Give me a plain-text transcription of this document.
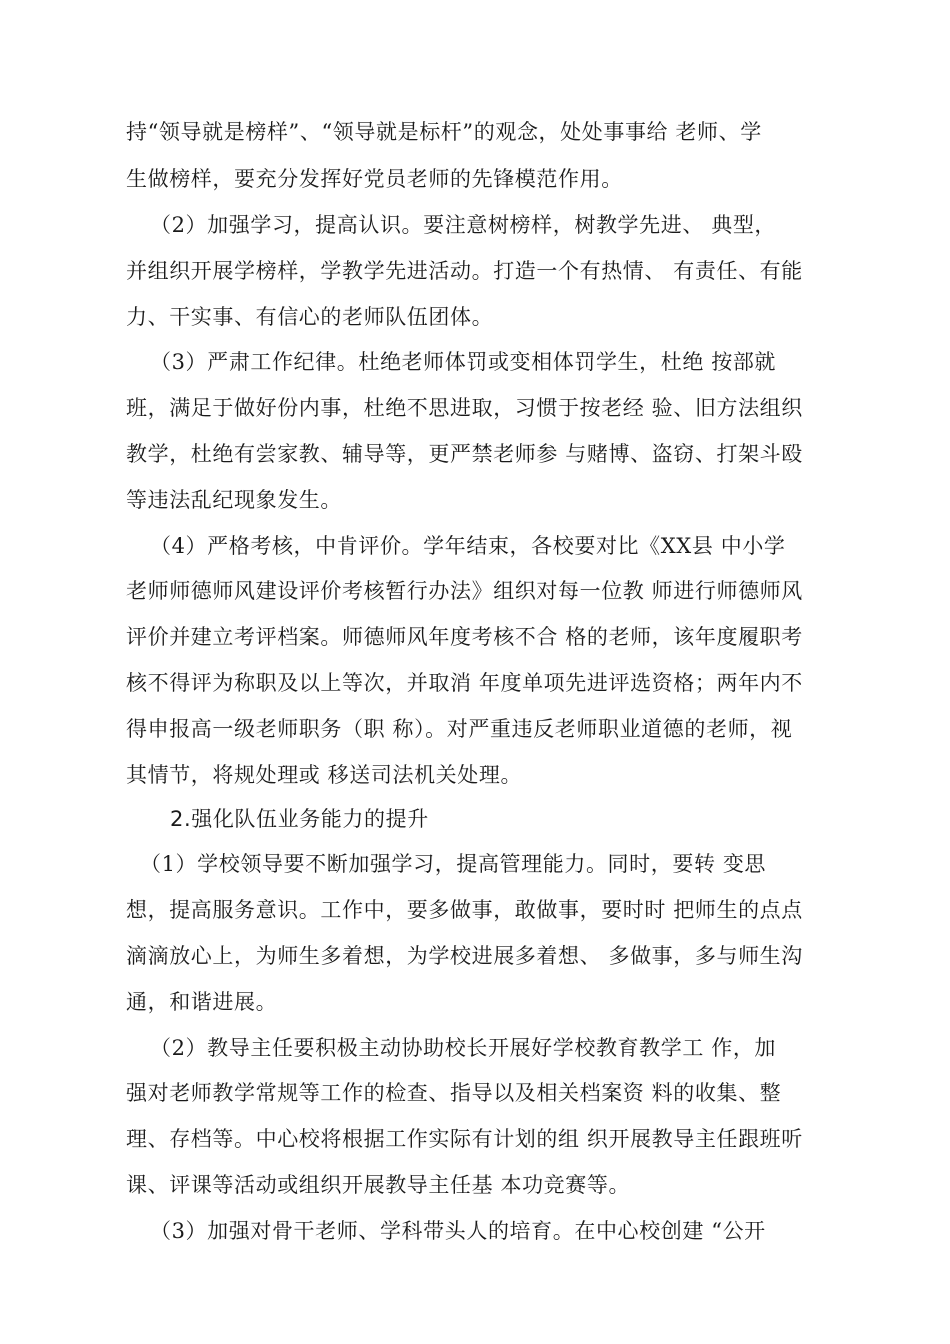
持“领导就是榜样”、“领导就是标杆”的观念，处处事事给 老师、学
生做榜样，要充分发挥好党员老师的先锋模范作用。
（2）加强学习，提高认识。要注意树榜样，树教学先进、 典型，
并组织开展学榜样，学教学先进活动。打造一个有热情、 有责任、有能
力、干实事、有信心的老师队伍团体。
（3）严肃工作纪律。杜绝老师体罚或变相体罚学生，杜绝 按部就
班，满足于做好份内事，杜绝不思进取，习惯于按老经 验、旧方法组织
教学，杜绝有尝家教、辅导等，更严禁老师参 与赌博、盗窃、打架斗殴
等违法乱纪现象发生。
（4）严格考核，中肯评价。学年结束，各校要对比《XX县 中小学
老师师德师风建设评价考核暂行办法》组织对每一位教 师进行师德师风
评价并建立考评档案。师德师风年度考核不合 格的老师，该年度履职考
核不得评为称职及以上等次，并取消 年度单项先进评选资格；两年内不
得申报高一级老师职务（职 称）。对严重违反老师职业道德的老师，视
其情节，将规处理或 移送司法机关处理。
2.强化队伍业务能力的提升
（1）学校领导要不断加强学习，提高管理能力。同时，要转 变思
想，提高服务意识。工作中，要多做事，敢做事，要时时 把师生的点点
滴滴放心上，为师生多着想，为学校进展多着想、 多做事，多与师生沟
通，和谐进展。
（2）教导主任要积极主动协助校长开展好学校教育教学工 作，加
强对老师教学常规等工作的检查、指导以及相关档案资 料的收集、整
理、存档等。中心校将根据工作实际有计划的组 织开展教导主任跟班听
课、评课等活动或组织开展教导主任基 本功竞赛等。
（3）加强对骨干老师、学科带头人的培育。在中心校创建 “公开
